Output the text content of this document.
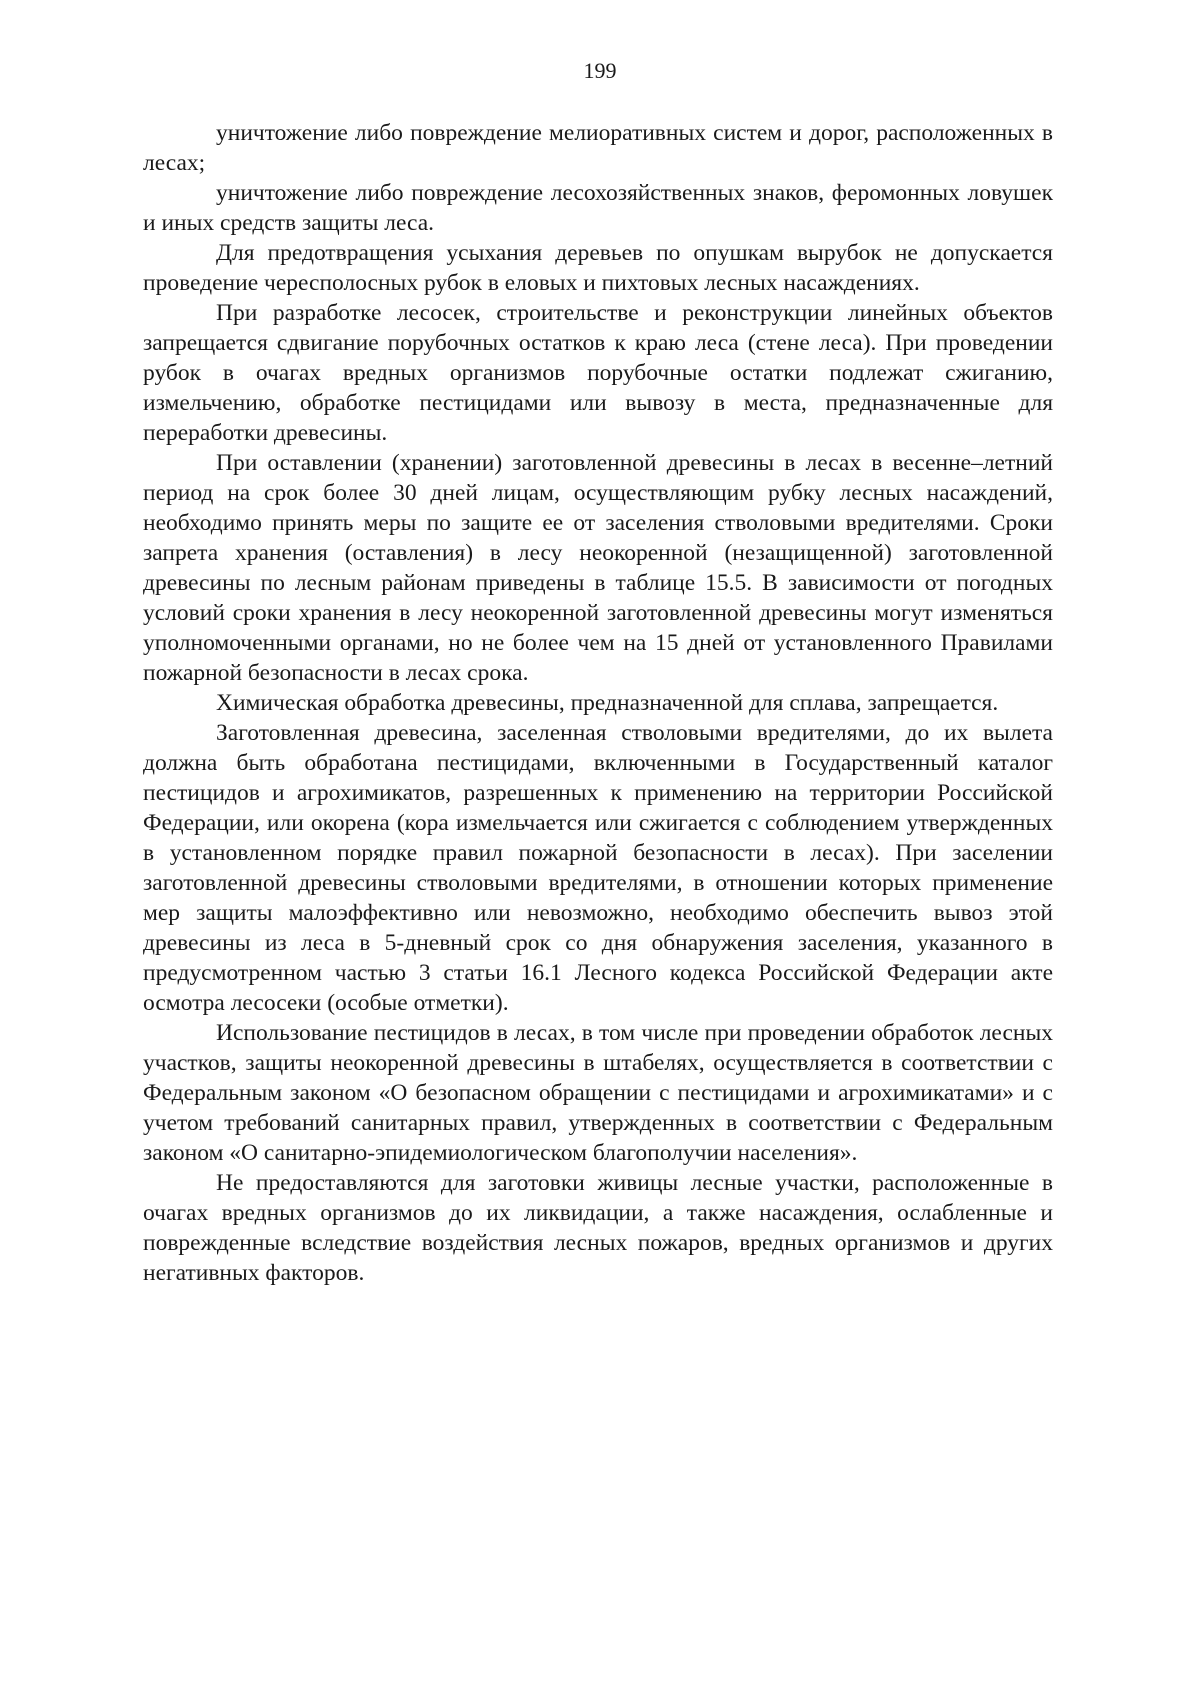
199

уничтожение либо повреждение мелиоративных систем и дорог, расположенных в лесах;

уничтожение либо повреждение лесохозяйственных знаков, феромонных ловушек и иных средств защиты леса.

Для предотвращения усыхания деревьев по опушкам вырубок не допускается проведение чересполосных рубок в еловых и пихтовых лесных насаждениях.

При разработке лесосек, строительстве и реконструкции линейных объектов запрещается сдвигание порубочных остатков к краю леса (стене леса). При проведении рубок в очагах вредных организмов порубочные остатки подлежат сжиганию, измельчению, обработке пестицидами или вывозу в места, предназначенные для переработки древесины.

При оставлении (хранении) заготовленной древесины в лесах в весенне–летний период на срок более 30 дней лицам, осуществляющим рубку лесных насаждений, необходимо принять меры по защите ее от заселения стволовыми вредителями. Сроки запрета хранения (оставления) в лесу неокоренной (незащищенной) заготовленной древесины по лесным районам приведены в таблице 15.5. В зависимости от погодных условий сроки хранения в лесу неокоренной заготовленной древесины могут изменяться уполномоченными органами, но не более чем на 15 дней от установленного Правилами пожарной безопасности в лесах срока.

Химическая обработка древесины, предназначенной для сплава, запрещается.

Заготовленная древесина, заселенная стволовыми вредителями, до их вылета должна быть обработана пестицидами, включенными в Государственный каталог пестицидов и агрохимикатов, разрешенных к применению на территории Российской Федерации, или окорена (кора измельчается или сжигается с соблюдением утвержденных в установленном порядке правил пожарной безопасности в лесах). При заселении заготовленной древесины стволовыми вредителями, в отношении которых применение мер защиты малоэффективно или невозможно, необходимо обеспечить вывоз этой древесины из леса в 5-дневный срок со дня обнаружения заселения, указанного в предусмотренном частью 3 статьи 16.1 Лесного кодекса Российской Федерации акте осмотра лесосеки (особые отметки).

Использование пестицидов в лесах, в том числе при проведении обработок лесных участков, защиты неокоренной древесины в штабелях, осуществляется в соответствии с Федеральным законом «О безопасном обращении с пестицидами и агрохимикатами» и с учетом требований санитарных правил, утвержденных в соответствии с Федеральным законом «О санитарно-эпидемиологическом благополучии населения».

Не предоставляются для заготовки живицы лесные участки, расположенные в очагах вредных организмов до их ликвидации, а также насаждения, ослабленные и поврежденные вследствие воздействия лесных пожаров, вредных организмов и других негативных факторов.
